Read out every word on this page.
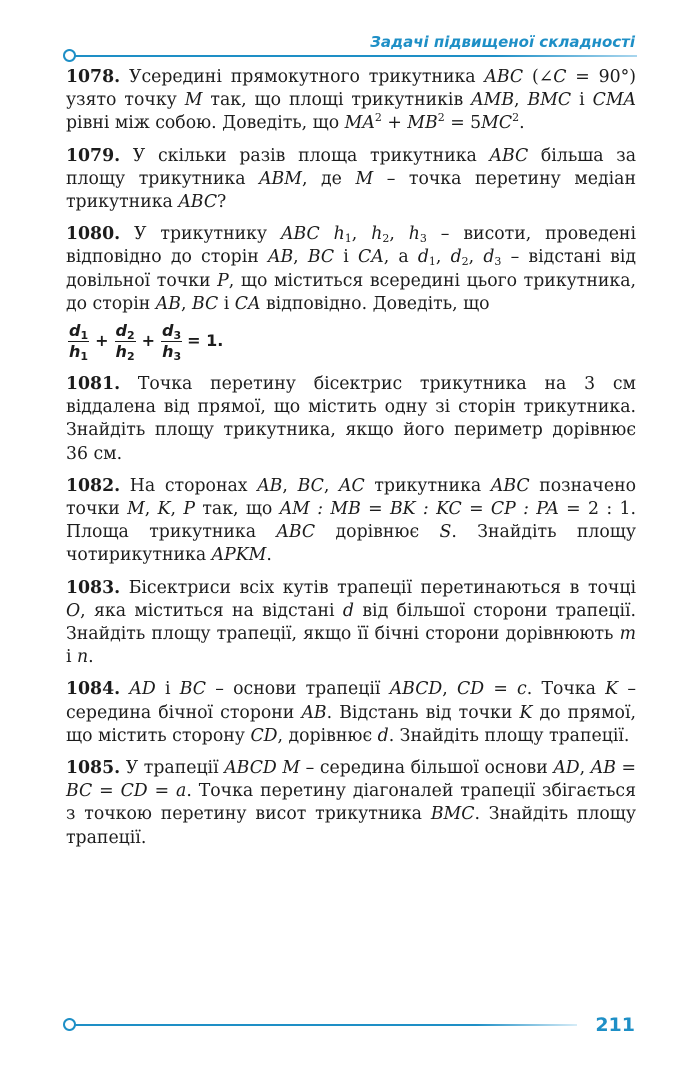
Задачі підвищеної складності

1078. Усередині прямокутного трикутника ABC (∠C = 90°) узято точку M так, що площі трикутників AMB, BMC і CMA рівні між собою. Доведіть, що $MA^2 + MB^2 = 5MC^2$.

1079. У скільки разів площа трикутника ABC більша за площу трикутника ABM, де M – точка перетину медіан трикутника ABC?

1080. У трикутнику ABC $h_1$, $h_2$, $h_3$ – висоти, проведені відповідно до сторін AB, BC і CA, а $d_1$, $d_2$, $d_3$ – відстані від довільної точки P, що міститься всередині цього трикутника, до сторін AB, BC і CA відповідно. Доведіть, що
$\frac{d_1}{h_1} + \frac{d_2}{h_2} + \frac{d_3}{h_3} = 1$.

1081. Точка перетину бісектрис трикутника на 3 см віддалена від прямої, що містить одну зі сторін трикутника. Знайдіть площу трикутника, якщо його периметр дорівнює 36 см.

1082. На сторонах AB, BC, AC трикутника ABC позначено точки M, K, P так, що AM : MB = BK : KC = CP : PA = 2 : 1. Площа трикутника ABC дорівнює S. Знайдіть площу чотирикутника APKM.

1083. Бісектриси всіх кутів трапеції перетинаються в точці O, яка міститься на відстані d від більшої сторони трапеції. Знайдіть площу трапеції, якщо її бічні сторони дорівнюють m і n.

1084. AD і BC – основи трапеції ABCD, CD = c. Точка K – середина бічної сторони AB. Відстань від точки K до прямої, що містить сторону CD, дорівнює d. Знайдіть площу трапеції.

1085. У трапеції ABCD M – середина більшої основи AD, AB = BC = CD = a. Точка перетину діагоналей трапеції збігається з точкою перетину висот трикутника BMC. Знайдіть площу трапеції.

211
